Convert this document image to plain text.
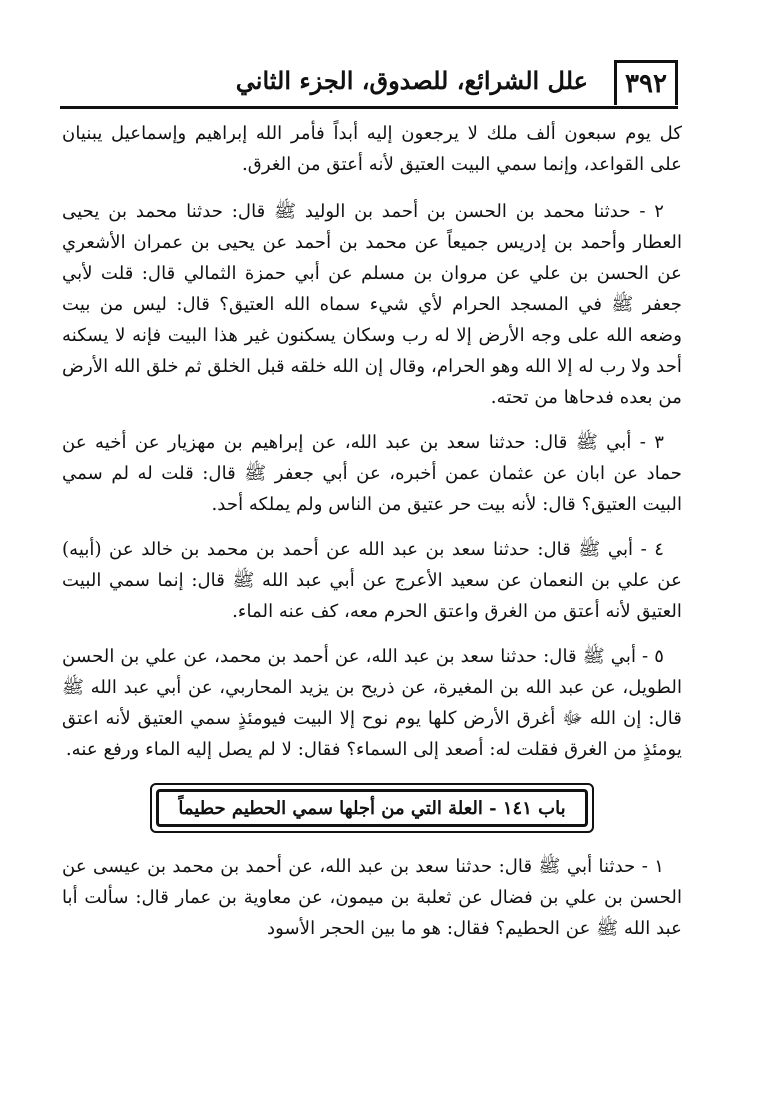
٣٩٢
علل الشرائع، للصدوق، الجزء الثاني

كل يوم سبعون ألف ملك لا يرجعون إليه أبداً فأمر الله إبراهيم وإسماعيل يبنيان على القواعد، وإنما سمي البيت العتيق لأنه أعتق من الغرق.

٢ - حدثنا محمد بن الحسن بن أحمد بن الوليد ﷺ قال: حدثنا محمد بن يحيى العطار وأحمد بن إدريس جميعاً عن محمد بن أحمد عن يحيى بن عمران الأشعري عن الحسن بن علي عن مروان بن مسلم عن أبي حمزة الثمالي قال: قلت لأبي جعفر ﷺ في المسجد الحرام لأي شيء سماه الله العتيق؟ قال: ليس من بيت وضعه الله على وجه الأرض إلا له رب وسكان يسكنون غير هذا البيت فإنه لا يسكنه أحد ولا رب له إلا الله وهو الحرام، وقال إن الله خلقه قبل الخلق ثم خلق الله الأرض من بعده فدحاها من تحته.

٣ - أبي ﷺ قال: حدثنا سعد بن عبد الله، عن إبراهيم بن مهزيار عن أخيه عن حماد عن ابان عن عثمان عمن أخبره، عن أبي جعفر ﷺ قال: قلت له لم سمي البيت العتيق؟ قال: لأنه بيت حر عتيق من الناس ولم يملكه أحد.

٤ - أبي ﷺ قال: حدثنا سعد بن عبد الله عن أحمد بن محمد بن خالد عن (أبيه) عن علي بن النعمان عن سعيد الأعرج عن أبي عبد الله ﷺ قال: إنما سمي البيت العتيق لأنه أعتق من الغرق واعتق الحرم معه، كف عنه الماء.

٥ - أبي ﷺ قال: حدثنا سعد بن عبد الله، عن أحمد بن محمد، عن علي بن الحسن الطويل، عن عبد الله بن المغيرة، عن ذريح بن يزيد المحاربي، عن أبي عبد الله ﷺ قال: إن الله ﷻ أغرق الأرض كلها يوم نوح إلا البيت فيومئذٍ سمي العتيق لأنه اعتق يومئذٍ من الغرق فقلت له: أصعد إلى السماء؟ فقال: لا لم يصل إليه الماء ورفع عنه.

باب ١٤١ - العلة التي من أجلها سمي الحطيم حطيماً

١ - حدثنا أبي ﷺ قال: حدثنا سعد بن عبد الله، عن أحمد بن محمد بن عيسى عن الحسن بن علي بن فضال عن ثعلبة بن ميمون، عن معاوية بن عمار قال: سألت أبا عبد الله ﷺ عن الحطيم؟ فقال: هو ما بين الحجر الأسود
